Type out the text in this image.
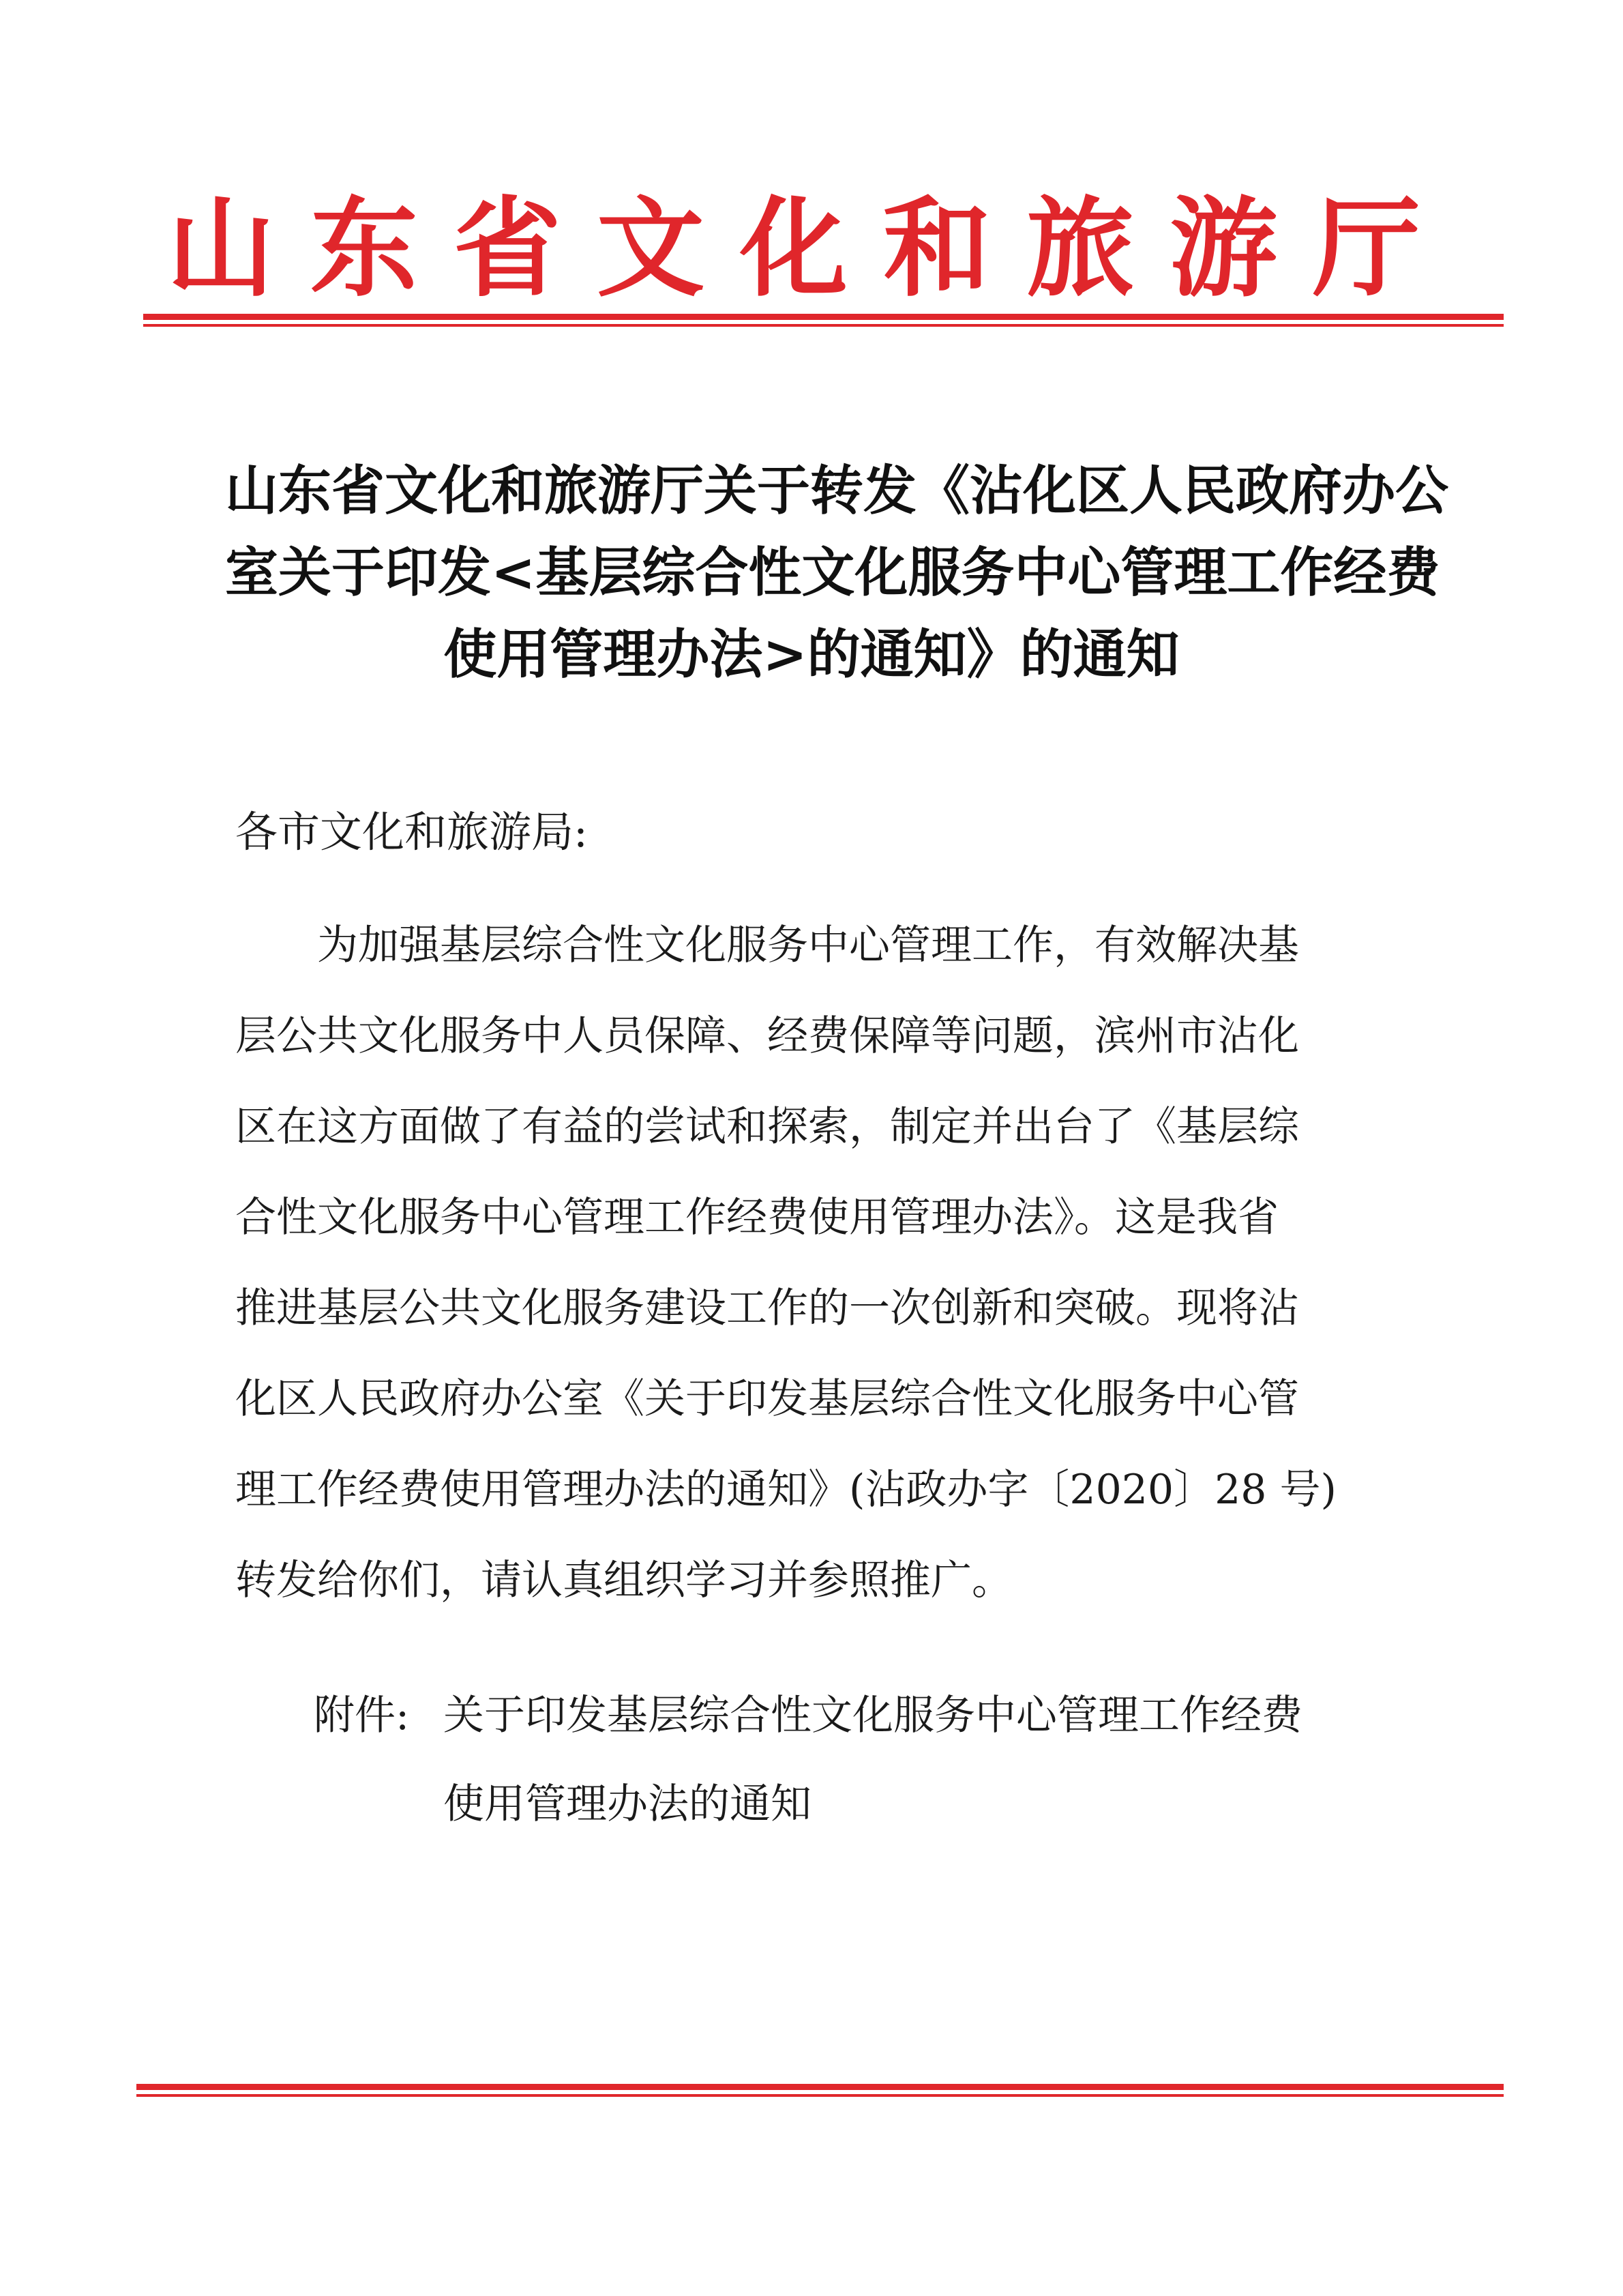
山东省文化和旅游厅
山东省文化和旅游厅关于转发《沾化区人民政府办公
室关于印发<基层综合性文化服务中心管理工作经费
使用管理办法>的通知》的通知
各市文化和旅游局:
　　为加强基层综合性文化服务中心管理工作，有效解决基
层公共文化服务中人员保障、经费保障等问题，滨州市沾化
区在这方面做了有益的尝试和探索，制定并出台了《基层综
合性文化服务中心管理工作经费使用管理办法》。这是我省
推进基层公共文化服务建设工作的一次创新和突破。现将沾
化区人民政府办公室《关于印发基层综合性文化服务中心管
理工作经费使用管理办法的通知》(沾政办字〔2020〕28 号)
转发给你们，请认真组织学习并参照推广。
附件: 关于印发基层综合性文化服务中心管理工作经费
使用管理办法的通知
